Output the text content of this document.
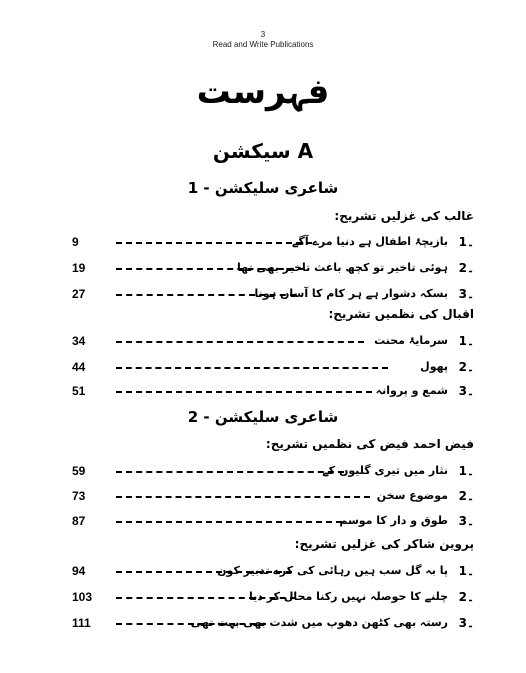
3
Read and Write Publications
فہرست
سیکشن A
شاعری سلیکشن - 1
غالب کی غزلیں تشریح:
9	بازیچۂ اطفال ہے دنیا مرے آگے 1۔
19	ہوئی تاخیر تو کچھ باعث تاخیر بھی تھا 2۔
27	بسکہ دشوار ہے ہر کام کا آساں ہونا 3۔
اقبال کی نظمیں تشریح:
34	سرمایۂ محنت 1۔
44	پھول 2۔
51	شمع و پروانہ 3۔
شاعری سلیکشن - 2
فیض احمد فیض کی نظمیں تشریح:
59	نثار میں تیری گلیوں کے 1۔
73	موضوع سخن 2۔
87	طوق و دار کا موسم 3۔
پروین شاکر کی غزلیں تشریح:
94	پا بہ گل سب ہیں رہائی کی کرے تدبیر کون 1۔
103	چلنے کا حوصلہ نہیں رکنا محال کر دیا 2۔
111	رستہ بھی کٹھن دھوپ میں شدت بھی بہت تھی 3۔
